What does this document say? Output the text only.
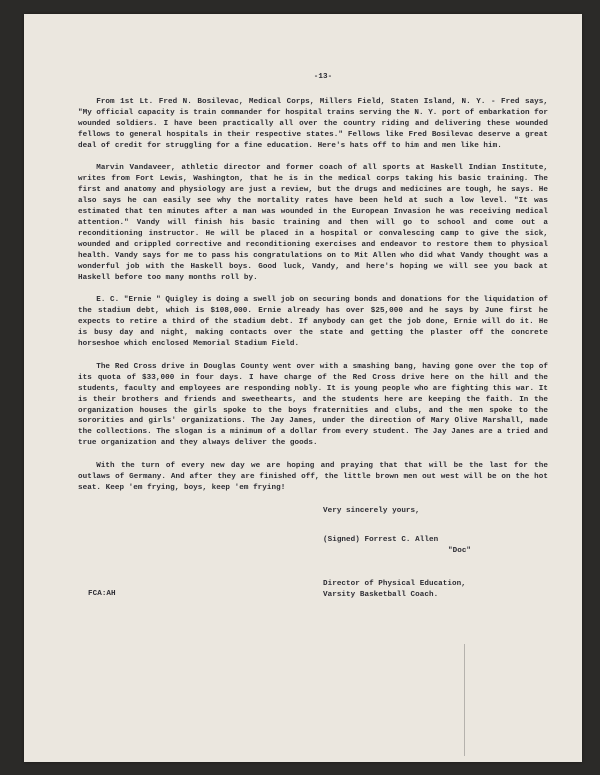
-13-

From 1st Lt. Fred N. Bosilevac, Medical Corps, Millers Field, Staten Island, N. Y. - Fred says, "My official capacity is train commander for hospital trains serving the N. Y. port of embarkation for wounded soldiers. I have been practically all over the country riding and delivering these wounded fellows to general hospitals in their respective states." Fellows like Fred Bosilevac deserve a great deal of credit for struggling for a fine education. Here's hats off to him and men like him.

Marvin Vandaveer, athletic director and former coach of all sports at Haskell Indian Institute, writes from Fort Lewis, Washington, that he is in the medical corps taking his basic training. The first and anatomy and physiology are just a review, but the drugs and medicines are tough, he says. He also says he can easily see why the mortality rates have been held at such a low level. "It was estimated that ten minutes after a man was wounded in the European Invasion he was receiving medical attention." Vandy will finish his basic training and then will go to school and come out a reconditioning instructor. He will be placed in a hospital or convalescing camp to give the sick, wounded and crippled corrective and reconditioning exercises and endeavor to restore them to physical health. Vandy says for me to pass his congratulations on to Mit Allen who did what Vandy thought was a wonderful job with the Haskell boys. Good luck, Vandy, and here's hoping we will see you back at Haskell before too many months roll by.

E. C. "Ernie " Quigley is doing a swell job on securing bonds and donations for the liquidation of the stadium debt, which is $108,000. Ernie already has over $25,000 and he says by June first he expects to retire a third of the stadium debt. If anybody can get the job done, Ernie will do it. He is busy day and night, making contacts over the state and getting the plaster off the concrete horseshoe which enclosed Memorial Stadium Field.

The Red Cross drive in Douglas County went over with a smashing bang, having gone over the top of its quota of $33,000 in four days. I have charge of the Red Cross drive here on the hill and the students, faculty and employees are responding nobly. It is young people who are fighting this war. It is their brothers and friends and sweethearts, and the students here are keeping the faith. In the organization houses the girls spoke to the boys fraternities and clubs, and the men spoke to the sororities and girls' organizations. The Jay James, under the direction of Mary Olive Marshall, made the collections. The slogan is a minimum of a dollar from every student. The Jay Janes are a tried and true organization and they always deliver the goods.

With the turn of every new day we are hoping and praying that that will be the last for the outlaws of Germany. And after they are finished off, the little brown men out west will be on the hot seat. Keep 'em frying, boys, keep 'em frying!

Very sincerely yours,
(Signed) Forrest C. Allen
"Doc"
FCA:AH
Director of Physical Education,
Varsity Basketball Coach.
